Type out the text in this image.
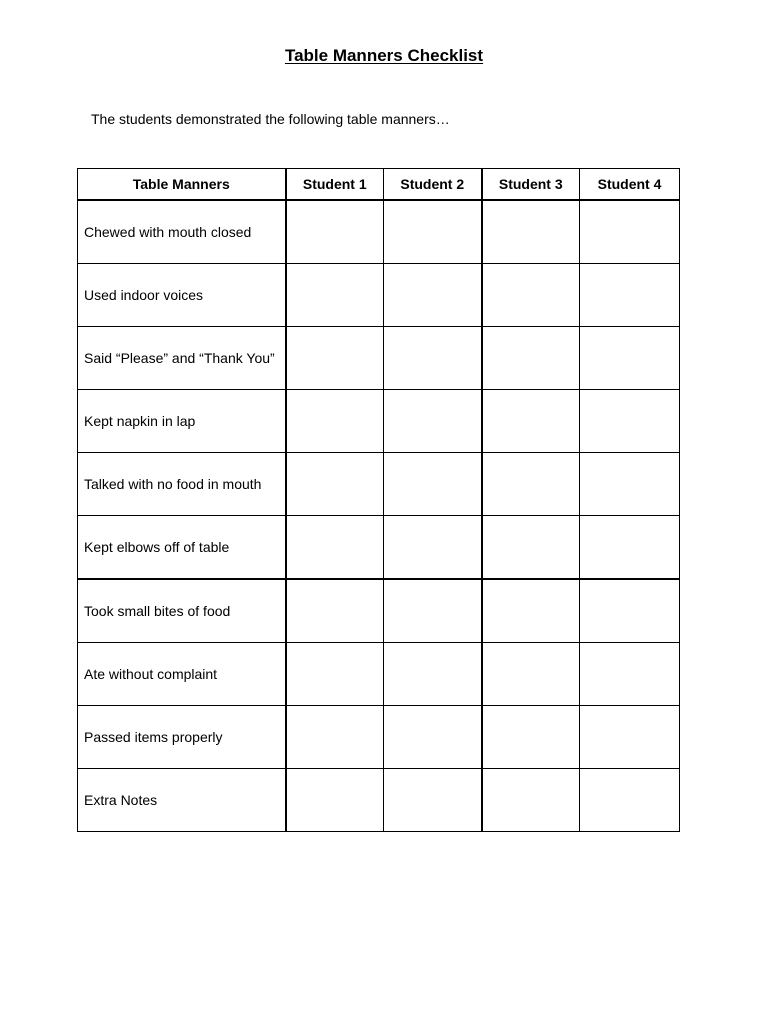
Table Manners Checklist

The students demonstrated the following table manners…

Table Manners	Student 1	Student 2	Student 3	Student 4
Chewed with mouth closed				
Used indoor voices				
Said “Please” and “Thank You”				
Kept napkin in lap				
Talked with no food in mouth				
Kept elbows off of table				
Took small bites of food				
Ate without complaint				
Passed items properly				
Extra Notes				
